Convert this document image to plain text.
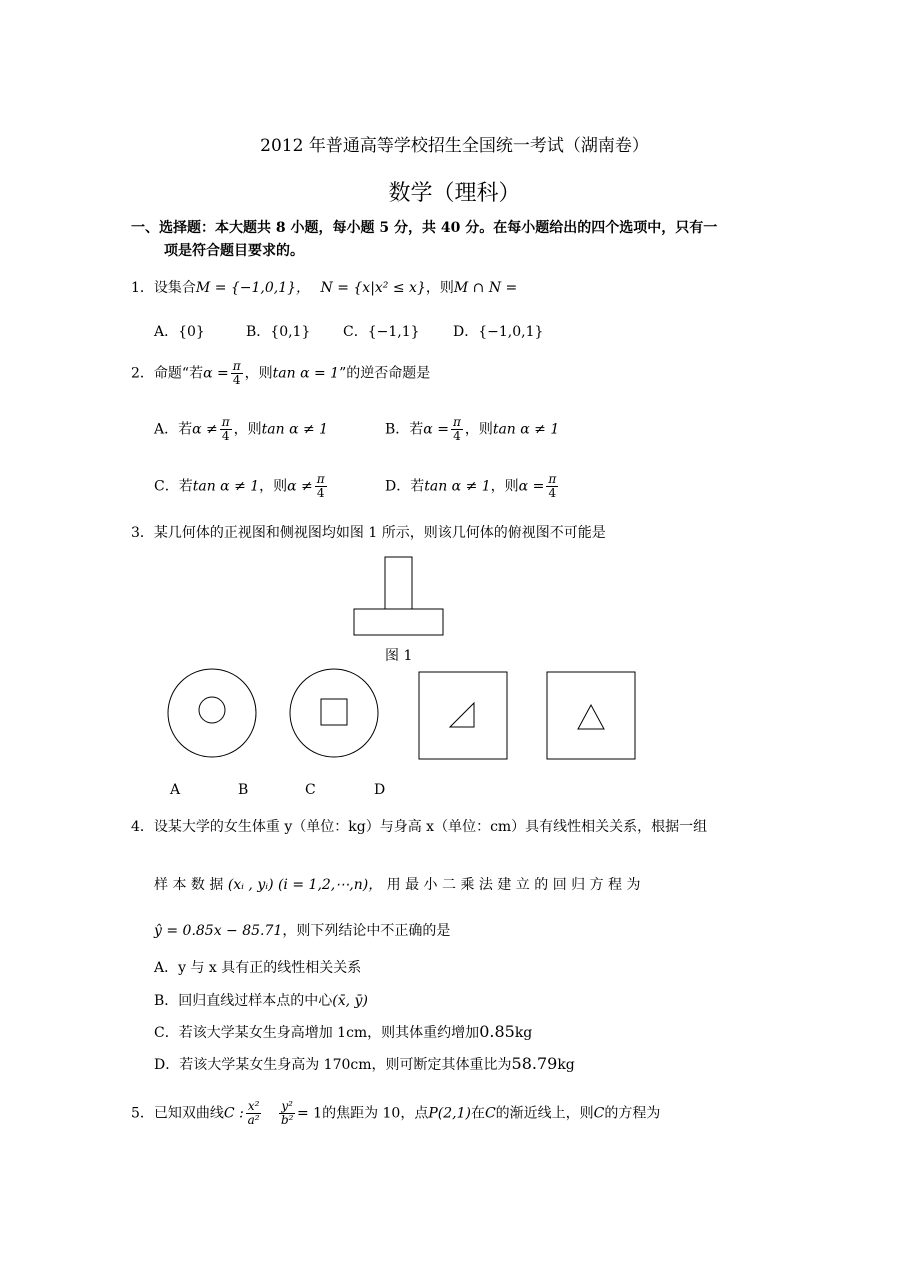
2012 年普通高等学校招生全国统一考试（湖南卷）
数学（理科）
一、选择题：本大题共 8 小题，每小题 5 分，共 40 分。在每小题给出的四个选项中，只有一
项是符合题目要求的。
1．设集合M = {−1,0,1}， N = {x|x² ≤ x}，则M ∩ N =
A．{0}	B．{0,1} C．{−1,1} D．{−1,0,1}
2．命题“若$\alpha = \frac{\pi}{4}$ ，则tan α = 1”的逆否命题是
A．若$\alpha \ne \frac{\pi}{4}$ ，则tan α ≠ 1	B．若$\alpha = \frac{\pi}{4}$ ，则tan α ≠ 1
C．若tan α ≠ 1，则$\alpha \ne \frac{\pi}{4}$	D．若tan α ≠ 1，则$\alpha = \frac{\pi}{4}$
3．某几何体的正视图和侧视图均如图 1 所示，则该几何体的俯视图不可能是
图 1
A	B	C	D
4．设某大学的女生体重 y（单位：kg）与身高 x（单位：cm）具有线性相关关系，根据一组
样 本 数 据 (xᵢ , yᵢ) (i = 1,2,⋯,n)， 用 最 小 二 乘 法 建 立 的 回 归 方 程 为
ŷ = 0.85x − 85.71，则下列结论中不正确的是
A．y 与 x 具有正的线性相关关系
B．回归直线过样本点的中心(x̄, ȳ)
C．若该大学某女生身高增加 1cm，则其体重约增加0.85kg
D．若该大学某女生身高为 170cm，则可断定其体重比为58.79kg
5．已知双曲线C : $\frac{\text{x²}}{\text{a²}} \frac{\text{y²}}{\text{b²}} = 1$的焦距为 10，点P(2,1)在C的渐近线上，则C的方程为
